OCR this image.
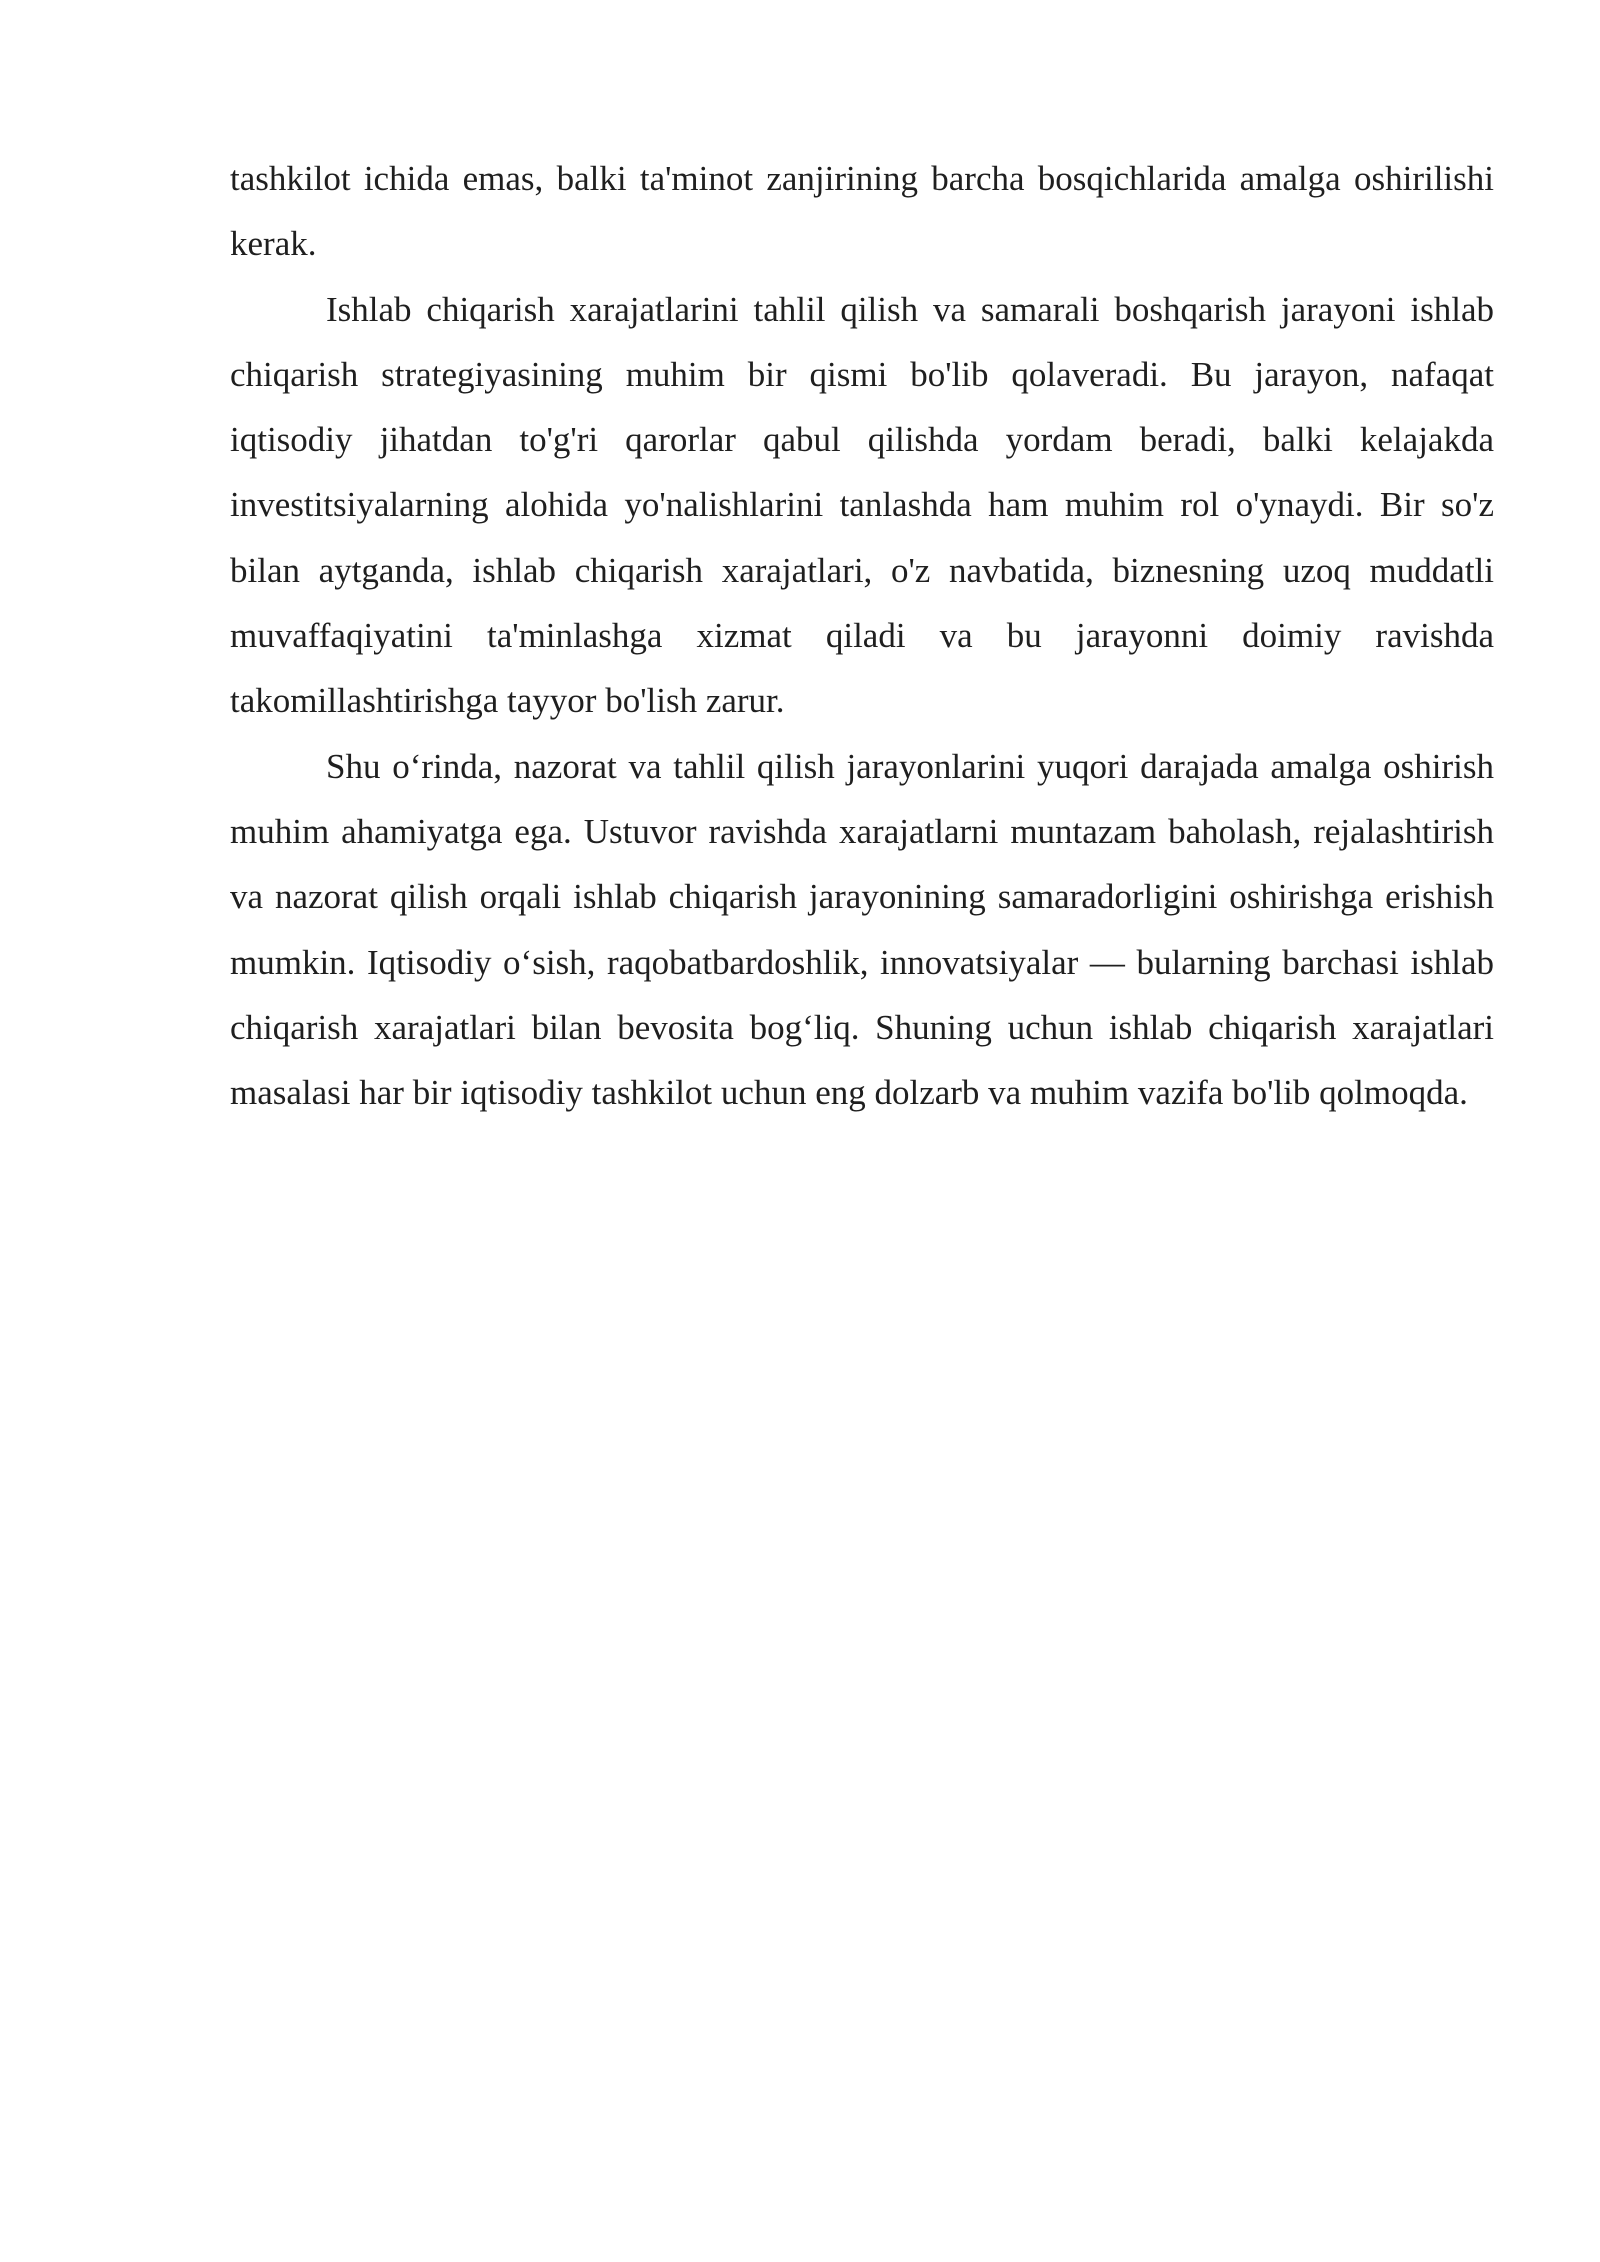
tashkilot ichida emas, balki ta'minot zanjirining barcha bosqichlarida amalga oshirilishi kerak.

Ishlab chiqarish xarajatlarini tahlil qilish va samarali boshqarish jarayoni ishlab chiqarish strategiyasining muhim bir qismi bo'lib qolaveradi. Bu jarayon, nafaqat iqtisodiy jihatdan to'g'ri qarorlar qabul qilishda yordam beradi, balki kelajakda investitsiyalarning alohida yo'nalishlarini tanlashda ham muhim rol o'ynaydi. Bir so'z bilan aytganda, ishlab chiqarish xarajatlari, o'z navbatida, biznesning uzoq muddatli muvaffaqiyatini ta'minlashga xizmat qiladi va bu jarayonni doimiy ravishda takomillashtirishga tayyor bo'lish zarur.

Shu o‘rinda, nazorat va tahlil qilish jarayonlarini yuqori darajada amalga oshirish muhim ahamiyatga ega. Ustuvor ravishda xarajatlarni muntazam baholash, rejalashtirish va nazorat qilish orqali ishlab chiqarish jarayonining samaradorligini oshirishga erishish mumkin. Iqtisodiy o‘sish, raqobatbardoshlik, innovatsiyalar — bularning barchasi ishlab chiqarish xarajatlari bilan bevosita bog‘liq. Shuning uchun ishlab chiqarish xarajatlari masalasi har bir iqtisodiy tashkilot uchun eng dolzarb va muhim vazifa bo'lib qolmoqda.
